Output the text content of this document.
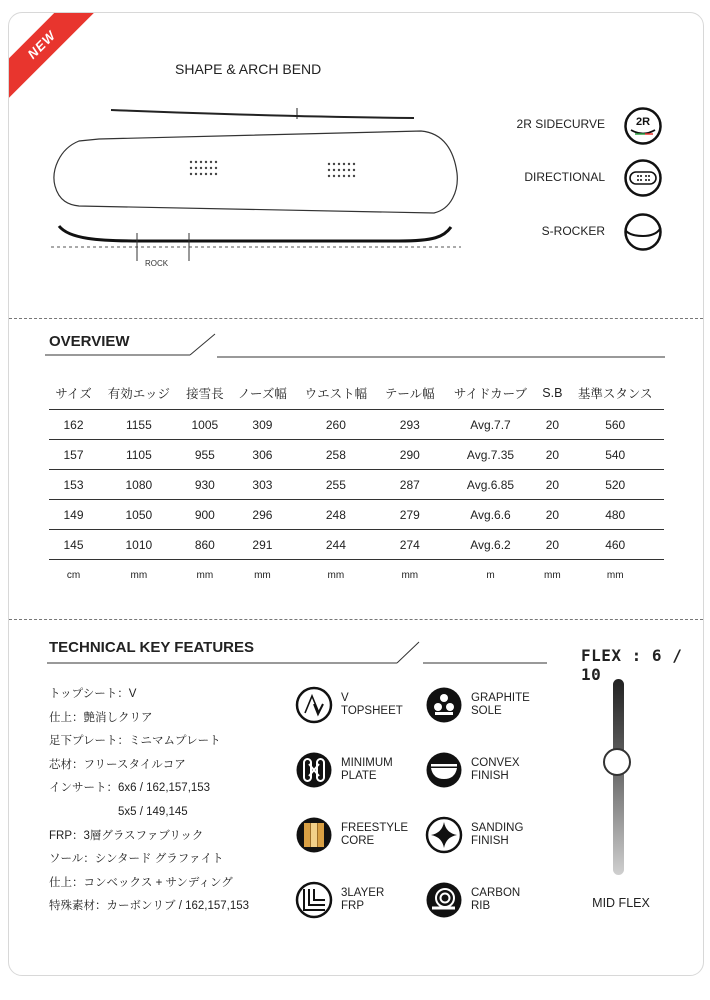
NEW
SHAPE & ARCH BEND
ROCK
2R SIDECURVE	2R
DIRECTIONAL
S-ROCKER
OVERVIEW
サイズ	有効エッジ	接雪長	ノーズ幅	ウエスト幅	テール幅	サイドカーブ	S.B	基準スタンス
162	1155	1005	309	260	293	Avg.7.7	20	560
157	1105	955	306	258	290	Avg.7.35	20	540
153	1080	930	303	255	287	Avg.6.85	20	520
149	1050	900	296	248	279	Avg.6.6	20	480
145	1010	860	291	244	274	Avg.6.2	20	460
cm	mm	mm	mm	mm	mm	m	mm	mm
TECHNICAL KEY FEATURES
トップシート：V
仕上：艶消しクリア
足下プレート：ミニマムプレート
芯材：フリースタイルコア
インサート：6x6 / 162,157,153
　　　　　　5x5 / 149,145
FRP：3層グラスファブリック
ソール：シンタード グラファイト
仕上：コンベックス + サンディング
特殊素材：カーボンリブ / 162,157,153
V
TOPSHEET
GRAPHITE
SOLE
MINIMUM
PLATE
CONVEX
FINISH
FREESTYLE
CORE
SANDING
FINISH
3LAYER
FRP
CARBON
RIB
FLEX : 6 / 10
MID FLEX
